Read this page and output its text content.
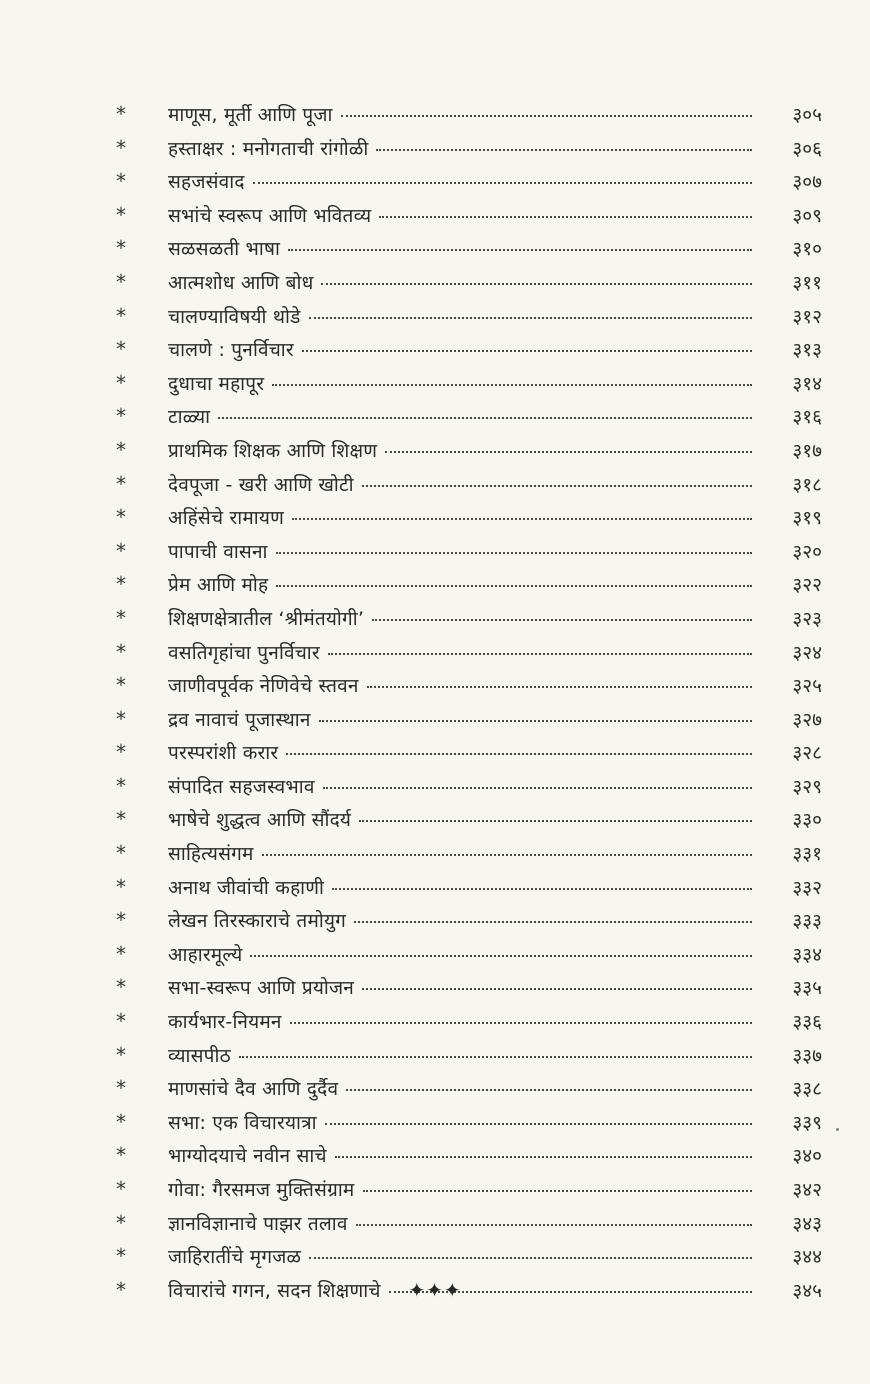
*	माणूस, मूर्ती आणि पूजा	३०५
*	हस्ताक्षर : मनोगताची रांगोळी	३०६
*	सहजसंवाद	३०७
*	सभांचे स्वरूप आणि भवितव्य	३०९
*	सळसळती भाषा	३१०
*	आत्मशोध आणि बोध	३११
*	चालण्याविषयी थोडे	३१२
*	चालणे : पुनर्विचार	३१३
*	दुधाचा महापूर	३१४
*	टाळ्या	३१६
*	प्राथमिक शिक्षक आणि शिक्षण	३१७
*	देवपूजा - खरी आणि खोटी	३१८
*	अहिंसेचे रामायण	३१९
*	पापाची वासना	३२०
*	प्रेम आणि मोह	३२२
*	शिक्षणक्षेत्रातील ‘श्रीमंतयोगी’	३२३
*	वसतिगृहांचा पुनर्विचार	३२४
*	जाणीवपूर्वक नेणिवेचे स्तवन	३२५
*	द्रव नावाचं पूजास्थान	३२७
*	परस्परांशी करार	३२८
*	संपादित सहजस्वभाव	३२९
*	भाषेचे शुद्धत्व आणि सौंदर्य	३३०
*	साहित्यसंगम	३३१
*	अनाथ जीवांची कहाणी	३३२
*	लेखन तिरस्काराचे तमोयुग	३३३
*	आहारमूल्ये	३३४
*	सभा-स्वरूप आणि प्रयोजन	३३५
*	कार्यभार-नियमन	३३६
*	व्यासपीठ	३३७
*	माणसांचे दैव आणि दुर्दैव	३३८
*	सभा: एक विचारयात्रा	३३९
*	भाग्योदयाचे नवीन साचे	३४०
*	गोवा: गैरसमज मुक्तिसंग्राम	३४२
*	ज्ञानविज्ञानाचे पाझर तलाव	३४३
*	जाहिरातींचे मृगजळ	३४४
*	विचारांचे गगन, सदन शिक्षणाचे	३४५
✦✦✦
